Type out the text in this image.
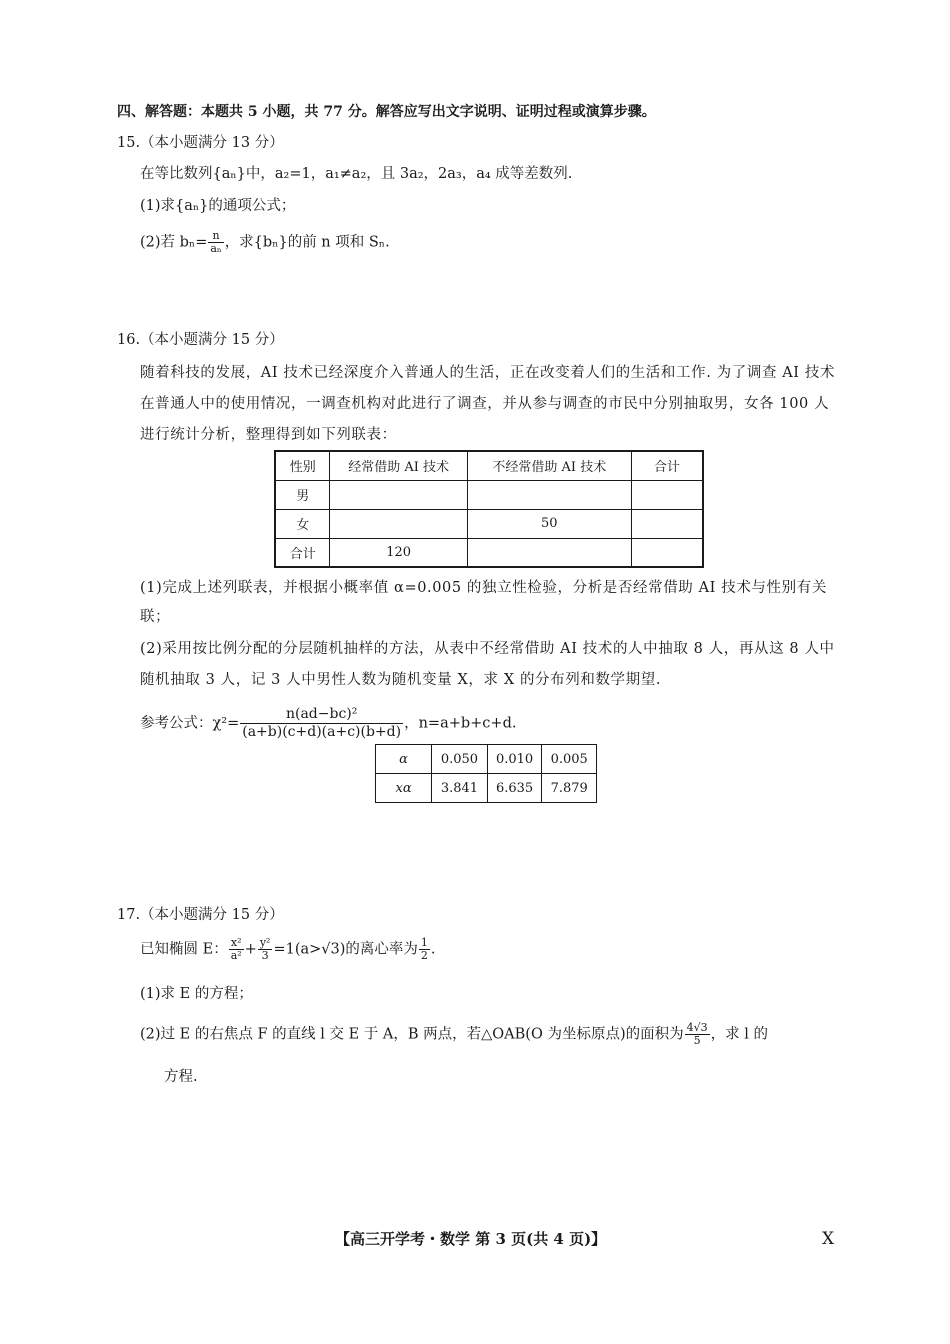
四、解答题：本题共 5 小题，共 77 分。解答应写出文字说明、证明过程或演算步骤。
15.（本小题满分 13 分）
在等比数列{aₙ}中，a₂=1，a₁≠a₂，且 3a₂，2a₃，a₄ 成等差数列.
(1)求{aₙ}的通项公式；
(2)若 $b_n= \frac{n}{\text{aₙ}}$ ，求{bₙ}的前 n 项和 Sₙ.
16.（本小题满分 15 分）
随着科技的发展，AI 技术已经深度介入普通人的生活，正在改变着人们的生活和工作. 为了调查 AI 技术在普通人中的使用情况，一调查机构对此进行了调查，并从参与调查的市民中分别抽取男，女各 100 人进行统计分析，整理得到如下列联表：
性别	经常借助 AI 技术	不经常借助 AI 技术	合计
男			
女		50	
合计	120		
(1)完成上述列联表，并根据小概率值 α=0.005 的独立性检验，分析是否经常借助 AI 技术与性别有关联；
(2)采用按比例分配的分层随机抽样的方法，从表中不经常借助 AI 技术的人中抽取 8 人，再从这 8 人中随机抽取 3 人，记 3 人中男性人数为随机变量 X，求 X 的分布列和数学期望.
参考公式：$\chi^2= \frac{\text{n(ad−bc)²}}{(a+b)(c+d)(a+c)(b+d)}$ ，n=a+b+c+d.
α	0.050	0.010	0.005
xα	3.841	6.635	7.879
17.（本小题满分 15 分）
已知椭圆 E： $\frac{\text{x²}}{\text{a²}} + \frac{\text{y²}}{3} =1(a>√3)$的离心率为 $\frac{1}{2}$ .
(1)求 E 的方程；
(2)过 E 的右焦点 F 的直线 l 交 E 于 A，B 两点，若△OAB(O 为坐标原点)的面积为 $\frac{4√3}{5}$ ，求 l 的
方程.
【高三开学考・数学 第 3 页(共 4 页)】	X
